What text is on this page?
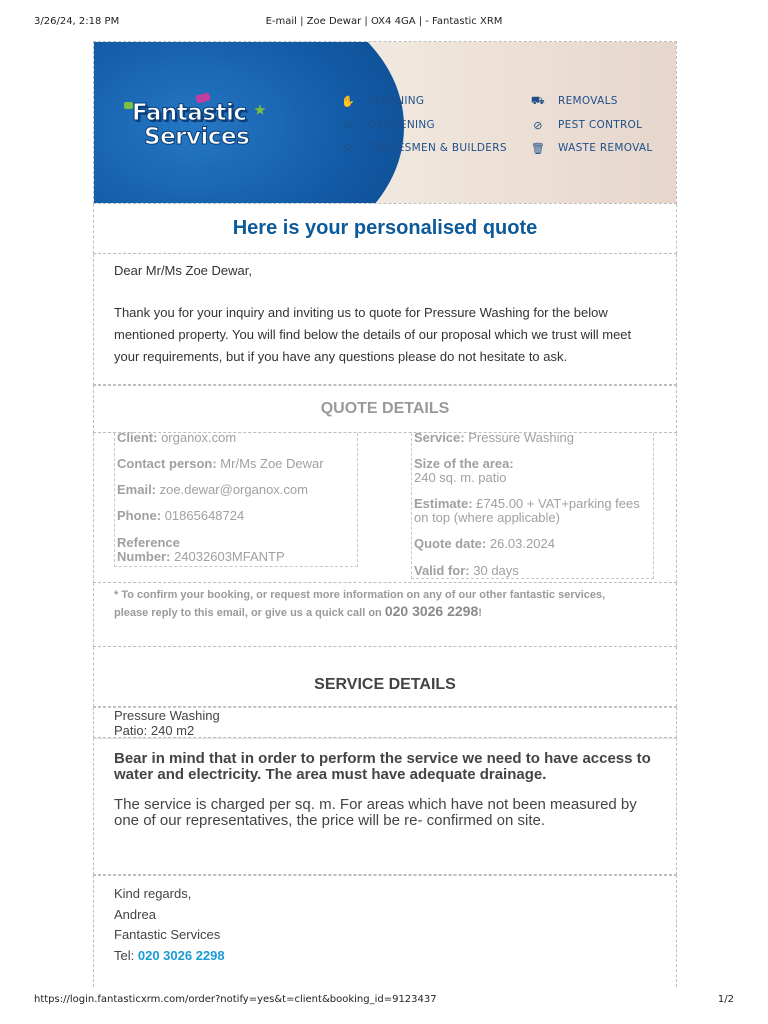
3/26/24, 2:18 PM	E-mail | Zoe Dewar | OX4 4GA | - Fantastic XRM
Fantastic
Services
✋ CLEANING
⚙ GARDENING
⚒ TRADESMEN & BUILDERS
⛟ REMOVALS
⊘	PEST CONTROL
🗑 WASTE REMOVAL
Here is your personalised quote

Dear Mr/Ms Zoe Dewar,

Thank you for your inquiry and inviting us to quote for Pressure Washing for the below mentioned property. You will find below the details of our proposal which we trust will meet your requirements, but if you have any questions please do not hesitate to ask.

QUOTE DETAILS
Client: organox.com
Contact person: Mr/Ms Zoe Dewar
Email: zoe.dewar@organox.com
Phone: 01865648724
Reference
Number: 24032603MFANTP
Service: Pressure Washing
Size of the area:
240 sq. m. patio
Estimate: £745.00 + VAT+parking fees
on top (where applicable)
Quote date: 26.03.2024
Valid for: 30 days
* To confirm your booking, or request more information on any of our other fantastic services,
please reply to this email, or give us a quick call on 020 3026 2298!
SERVICE DETAILS
Pressure Washing
Patio: 240 m2
Bear in mind that in order to perform the service we need to have access to water and electricity. The area must have adequate drainage.
The service is charged per sq. m. For areas which have not been measured by one of our representatives, the price will be re- confirmed on site.

Kind regards,

Andrea

Fantastic Services

Tel: 020 3026 2298

https://login.fantasticxrm.com/order?notify=yes&t=client&booking_id=9123437	1/2
